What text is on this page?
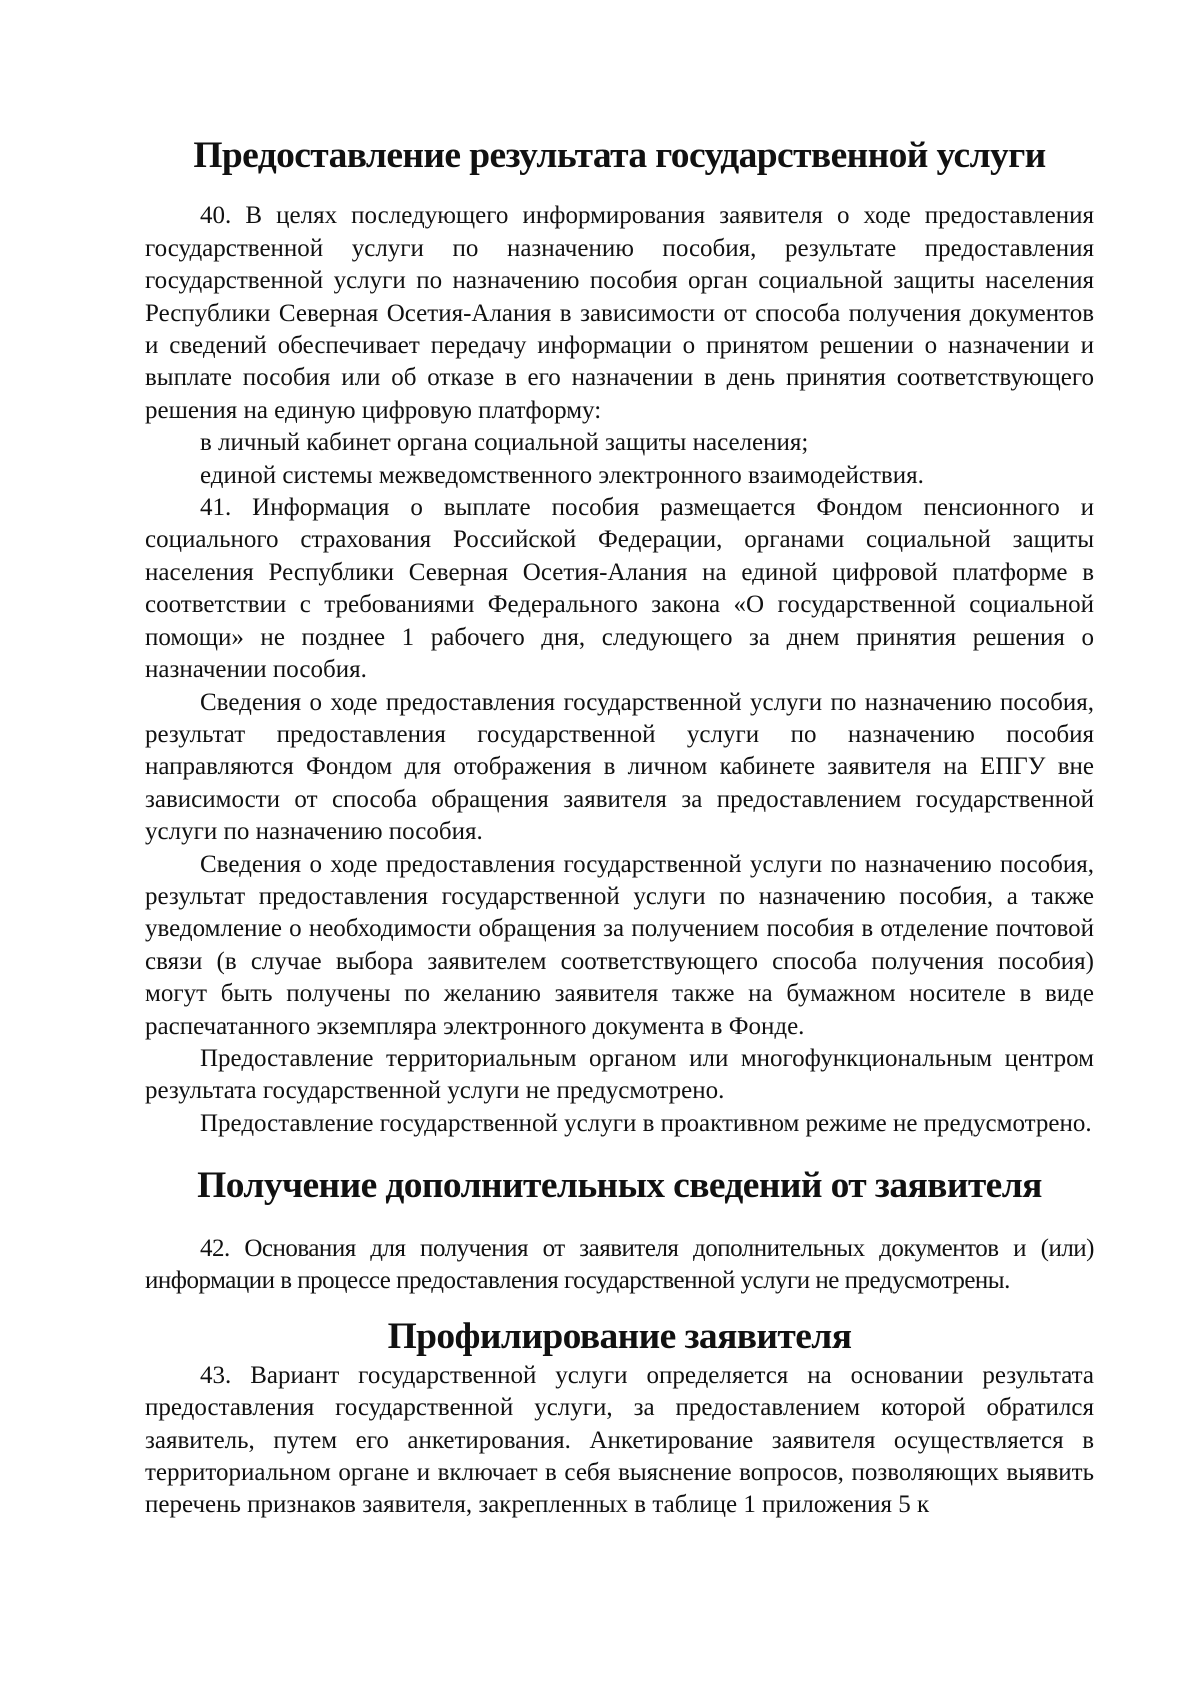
Предоставление результата государственной услуги

40. В целях последующего информирования заявителя о ходе предоставления государственной услуги по назначению пособия, результате предоставления государственной услуги по назначению пособия орган социальной защиты населения Республики Северная Осетия-Алания в зависимости от способа получения документов и сведений обеспечивает передачу информации о принятом решении о назначении и выплате пособия или об отказе в его назначении в день принятия соответствующего решения на единую цифровую платформу:

в личный кабинет органа социальной защиты населения;

единой системы межведомственного электронного взаимодействия.

41. Информация о выплате пособия размещается Фондом пенсионного и социального страхования Российской Федерации, органами социальной защиты населения Республики Северная Осетия-Алания на единой цифровой платформе в соответствии с требованиями Федерального закона «О государственной социальной помощи» не позднее 1 рабочего дня, следующего за днем принятия решения о назначении пособия.

Сведения о ходе предоставления государственной услуги по назначению пособия, результат предоставления государственной услуги по назначению пособия направляются Фондом для отображения в личном кабинете заявителя на ЕПГУ вне зависимости от способа обращения заявителя за предоставлением государственной услуги по назначению пособия.

Сведения о ходе предоставления государственной услуги по назначению пособия, результат предоставления государственной услуги по назначению пособия, а также уведомление о необходимости обращения за получением пособия в отделение почтовой связи (в случае выбора заявителем соответствующего способа получения пособия) могут быть получены по желанию заявителя также на бумажном носителе в виде распечатанного экземпляра электронного документа в Фонде.

Предоставление территориальным органом или многофункциональным центром результата государственной услуги не предусмотрено.

Предоставление государственной услуги в проактивном режиме не предусмотрено.

Получение дополнительных сведений от заявителя

42. Основания для получения от заявителя дополнительных документов и (или) информации в процессе предоставления государственной услуги не предусмотрены.

Профилирование заявителя

43. Вариант государственной услуги определяется на основании результата предоставления государственной услуги, за предоставлением которой обратился заявитель, путем его анкетирования. Анкетирование заявителя осуществляется в территориальном органе и включает в себя выяснение вопросов, позволяющих выявить перечень признаков заявителя, закрепленных в таблице 1 приложения 5 к
